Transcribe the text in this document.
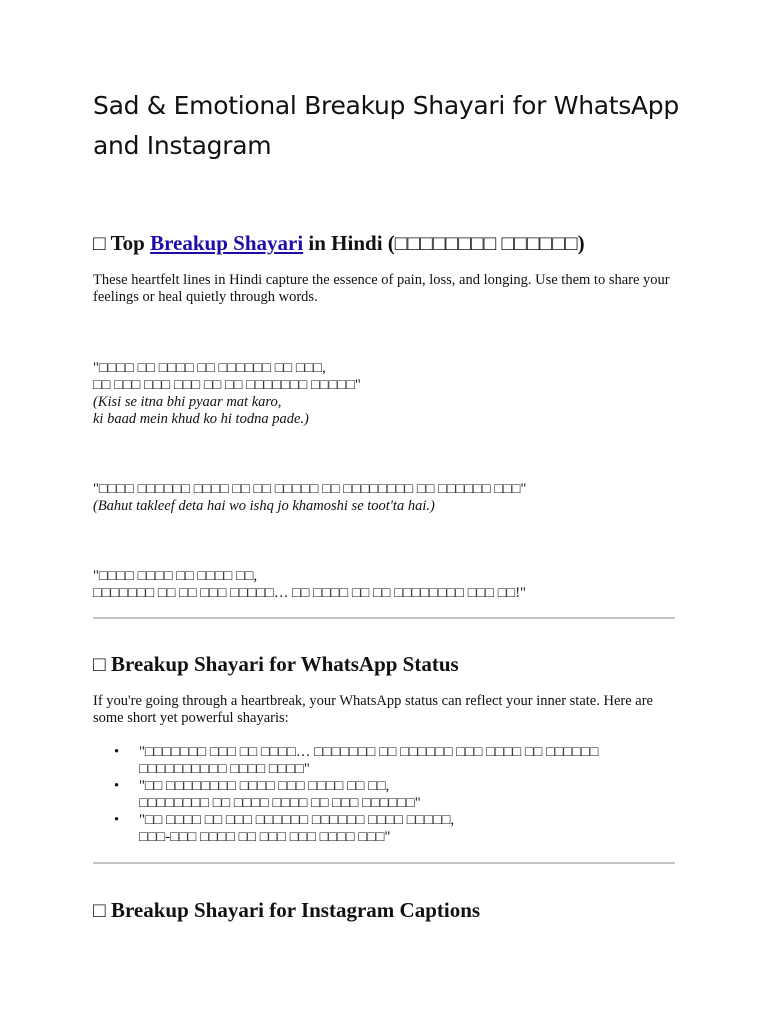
Sad & Emotional Breakup Shayari for WhatsApp and Instagram
□ Top Breakup Shayari in Hindi (□□□□□□□□ □□□□□□)

These heartfelt lines in Hindi capture the essence of pain, loss, and longing. Use them to share your feelings or heal quietly through words.

"□□□□ □□ □□□□ □□ □□□□□□ □□ □□□,
□□ □□□ □□□ □□□ □□ □□ □□□□□□□ □□□□□"
(Kisi se itna bhi pyaar mat karo,
ki baad mein khud ko hi todna pade.)
"□□□□ □□□□□□ □□□□ □□ □□ □□□□□ □□ □□□□□□□□ □□ □□□□□□ □□□"
(Bahut takleef deta hai wo ishq jo khamoshi se toot'ta hai.)
"□□□□ □□□□ □□ □□□□ □□,
□□□□□□□ □□ □□ □□□ □□□□□… □□ □□□□ □□ □□ □□□□□□□□ □□□ □□!"
□ Breakup Shayari for WhatsApp Status

If you're going through a heartbreak, your WhatsApp status can reflect your inner state. Here are some short yet powerful shayaris:

• "□□□□□□□ □□□ □□ □□□□… □□□□□□□ □□ □□□□□□ □□□ □□□□ □□ □□□□□□
□□□□□□□□□□ □□□□ □□□□"
• "□□ □□□□□□□□ □□□□ □□□ □□□□ □□ □□,
□□□□□□□□ □□ □□□□ □□□□ □□ □□□ □□□□□□"
• "□□ □□□□ □□ □□□ □□□□□□ □□□□□□ □□□□ □□□□□,
□□□-□□□ □□□□ □□ □□□ □□□ □□□□ □□□"
□ Breakup Shayari for Instagram Captions
